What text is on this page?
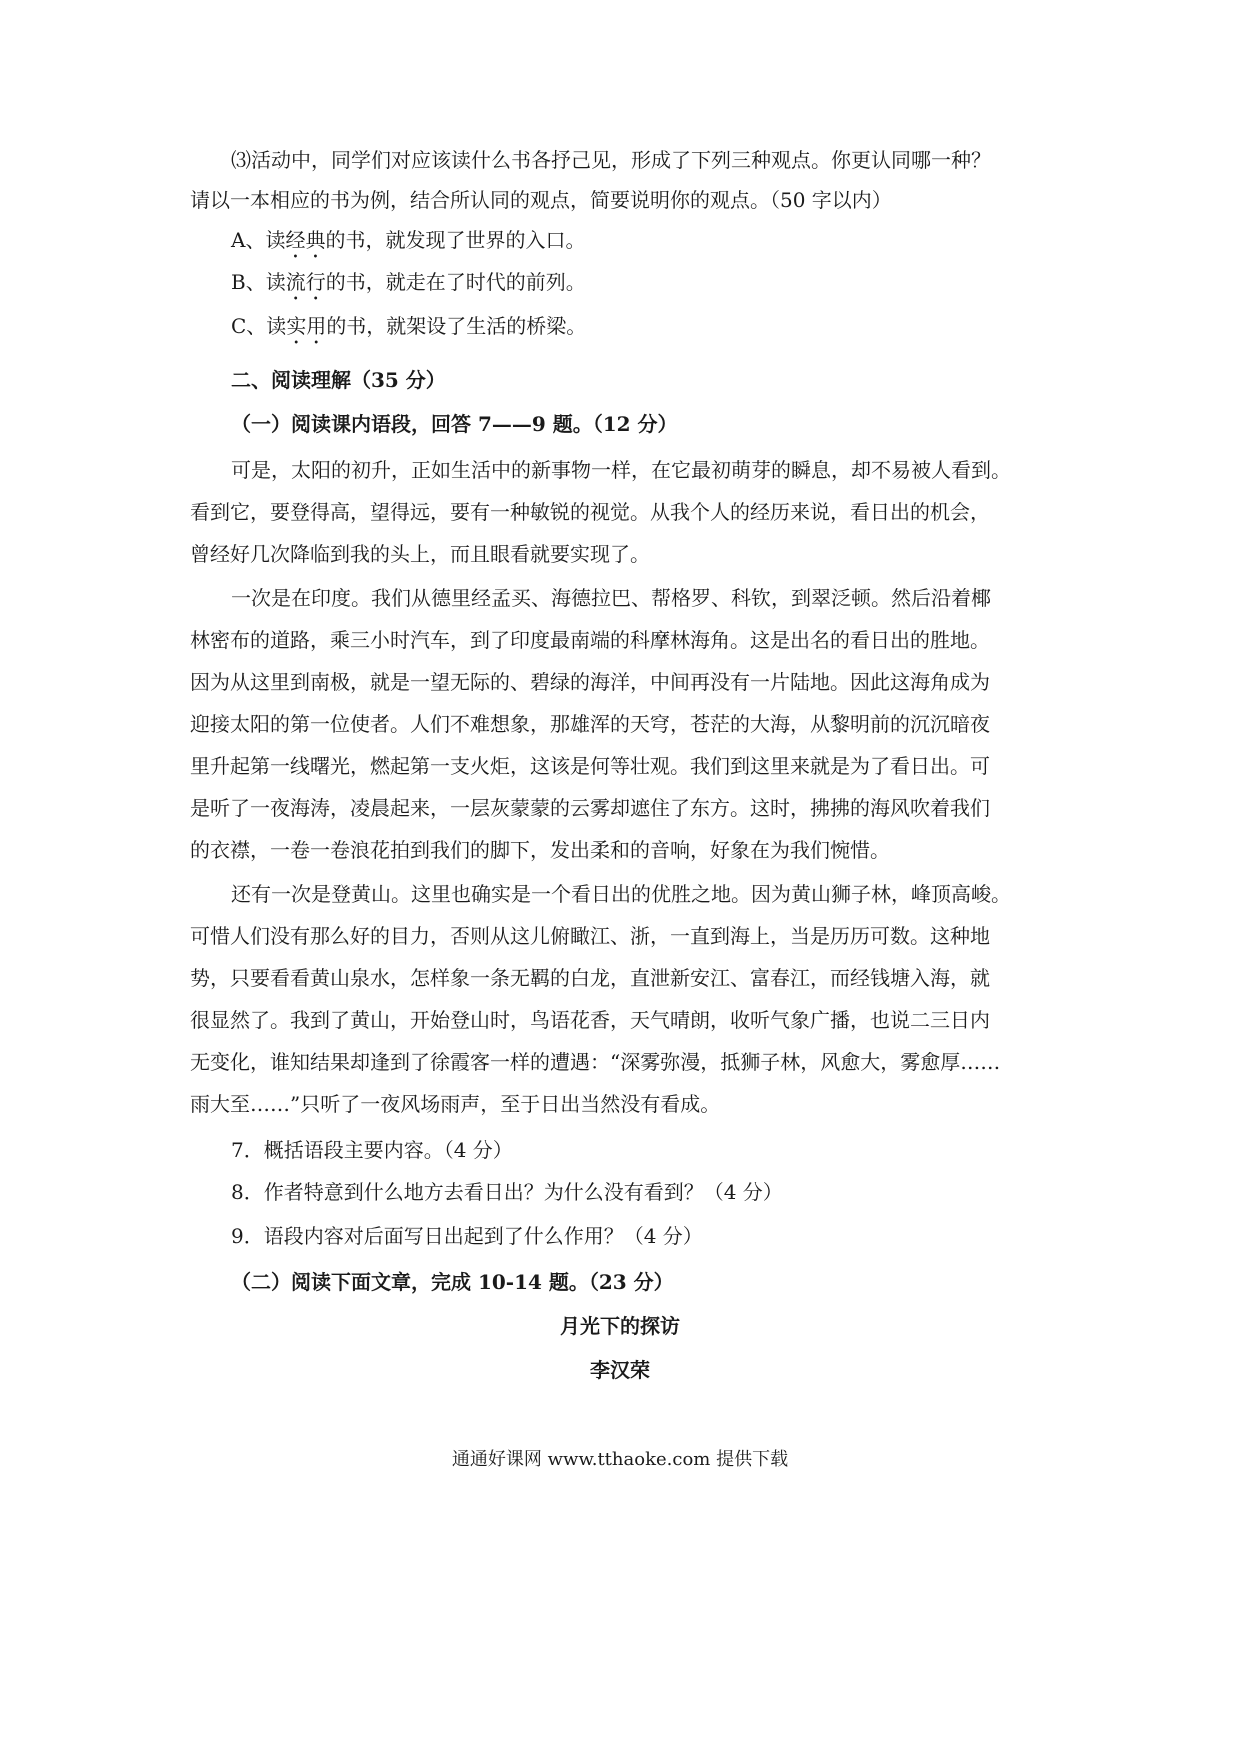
⑶活动中，同学们对应该读什么书各抒己见，形成了下列三种观点。你更认同哪一种？
请以一本相应的书为例，结合所认同的观点，简要说明你的观点。（50 字以内）
A、读经典的书，就发现了世界的入口。
B、读流行的书，就走在了时代的前列。
C、读实用的书，就架设了生活的桥梁。
二、阅读理解（35 分）
（一）阅读课内语段，回答 7——9 题。（12 分）
可是，太阳的初升，正如生活中的新事物一样，在它最初萌芽的瞬息，却不易被人看到。
看到它，要登得高，望得远，要有一种敏锐的视觉。从我个人的经历来说，看日出的机会，
曾经好几次降临到我的头上，而且眼看就要实现了。
一次是在印度。我们从德里经孟买、海德拉巴、帮格罗、科钦，到翠泛顿。然后沿着椰
林密布的道路，乘三小时汽车，到了印度最南端的科摩林海角。这是出名的看日出的胜地。
因为从这里到南极，就是一望无际的、碧绿的海洋，中间再没有一片陆地。因此这海角成为
迎接太阳的第一位使者。人们不难想象，那雄浑的天穹，苍茫的大海，从黎明前的沉沉暗夜
里升起第一线曙光，燃起第一支火炬，这该是何等壮观。我们到这里来就是为了看日出。可
是听了一夜海涛，凌晨起来，一层灰蒙蒙的云雾却遮住了东方。这时，拂拂的海风吹着我们
的衣襟，一卷一卷浪花拍到我们的脚下，发出柔和的音响，好象在为我们惋惜。
还有一次是登黄山。这里也确实是一个看日出的优胜之地。因为黄山狮子林，峰顶高峻。
可惜人们没有那么好的目力，否则从这儿俯瞰江、浙，一直到海上，当是历历可数。这种地
势，只要看看黄山泉水，怎样象一条无羁的白龙，直泄新安江、富春江，而经钱塘入海，就
很显然了。我到了黄山，开始登山时，鸟语花香，天气晴朗，收听气象广播，也说二三日内
无变化，谁知结果却逢到了徐霞客一样的遭遇：“深雾弥漫，抵狮子林，风愈大，雾愈厚……
雨大至……”只听了一夜风场雨声，至于日出当然没有看成。
7．概括语段主要内容。（4 分）
8．作者特意到什么地方去看日出？为什么没有看到？（4 分）
9．语段内容对后面写日出起到了什么作用？（4 分）
（二）阅读下面文章，完成 10-14 题。（23 分）
月光下的探访
李汉荣
通通好课网 www.tthaoke.com 提供下载
